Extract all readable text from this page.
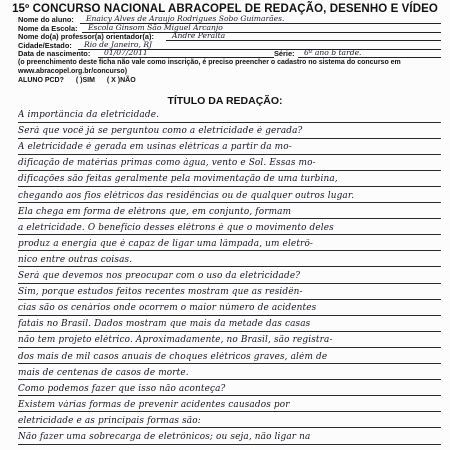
15º CONCURSO NACIONAL ABRACOPEL DE REDAÇÃO, DESENHO E VÍDEO
Nome do aluno:	Enaicy Alves de Araujo Rodrigues Sobo Guimarães.
Nome da Escola:	Escola Ginsom São Miguel Arcanjo
Nome do(a) professor(a) orientador(a):	André Peralta
Cidade/Estado:	Rio de Janeiro, RJ
Data de nascimento:	01/07/2011	Série:	6º ano b tarde.
(o preenchimento deste ficha não vale como inscrição, é preciso preencher o cadastro no sistema do concurso em
www.abracopel.org.br/concurso)
ALUNO PCD? ( )SIM ( X )NÃO
TÍTULO DA REDAÇÃO:
A importância da eletricidade.
Será que você já se perguntou como a eletricidade é gerada?
A eletricidade é gerada em usinas elétricas a partir da mo-
dificação de matérias primas como água, vento e Sol. Essas mo-
dificações são feitas geralmente pela movimentação de uma turbina,
chegando aos fios elétricos das residências ou de qualquer outros lugar.
Ela chega em forma de elétrons que, em conjunto, formam
a eletricidade. O benefício desses elétrons é que o movimento deles
produz a energia que é capaz de ligar uma lâmpada, um eletrô-
nico entre outras coisas.
Será que devemos nos preocupar com o uso da eletricidade?
Sim, porque estudos feitos recentes mostram que as residên-
cias são os cenários onde ocorrem o maior número de acidentes
fatais no Brasil. Dados mostram que mais da metade das casas
não tem projeto elétrico. Aproximadamente, no Brasil, são registra-
dos mais de mil casos anuais de choques elétricos graves, além de
mais de centenas de casos de morte.
Como podemos fazer que isso não aconteça?
Existem várias formas de prevenir acidentes causados por
eletricidade e as principais formas são:
Não fazer uma sobrecarga de eletrônicos; ou seja, não ligar na
